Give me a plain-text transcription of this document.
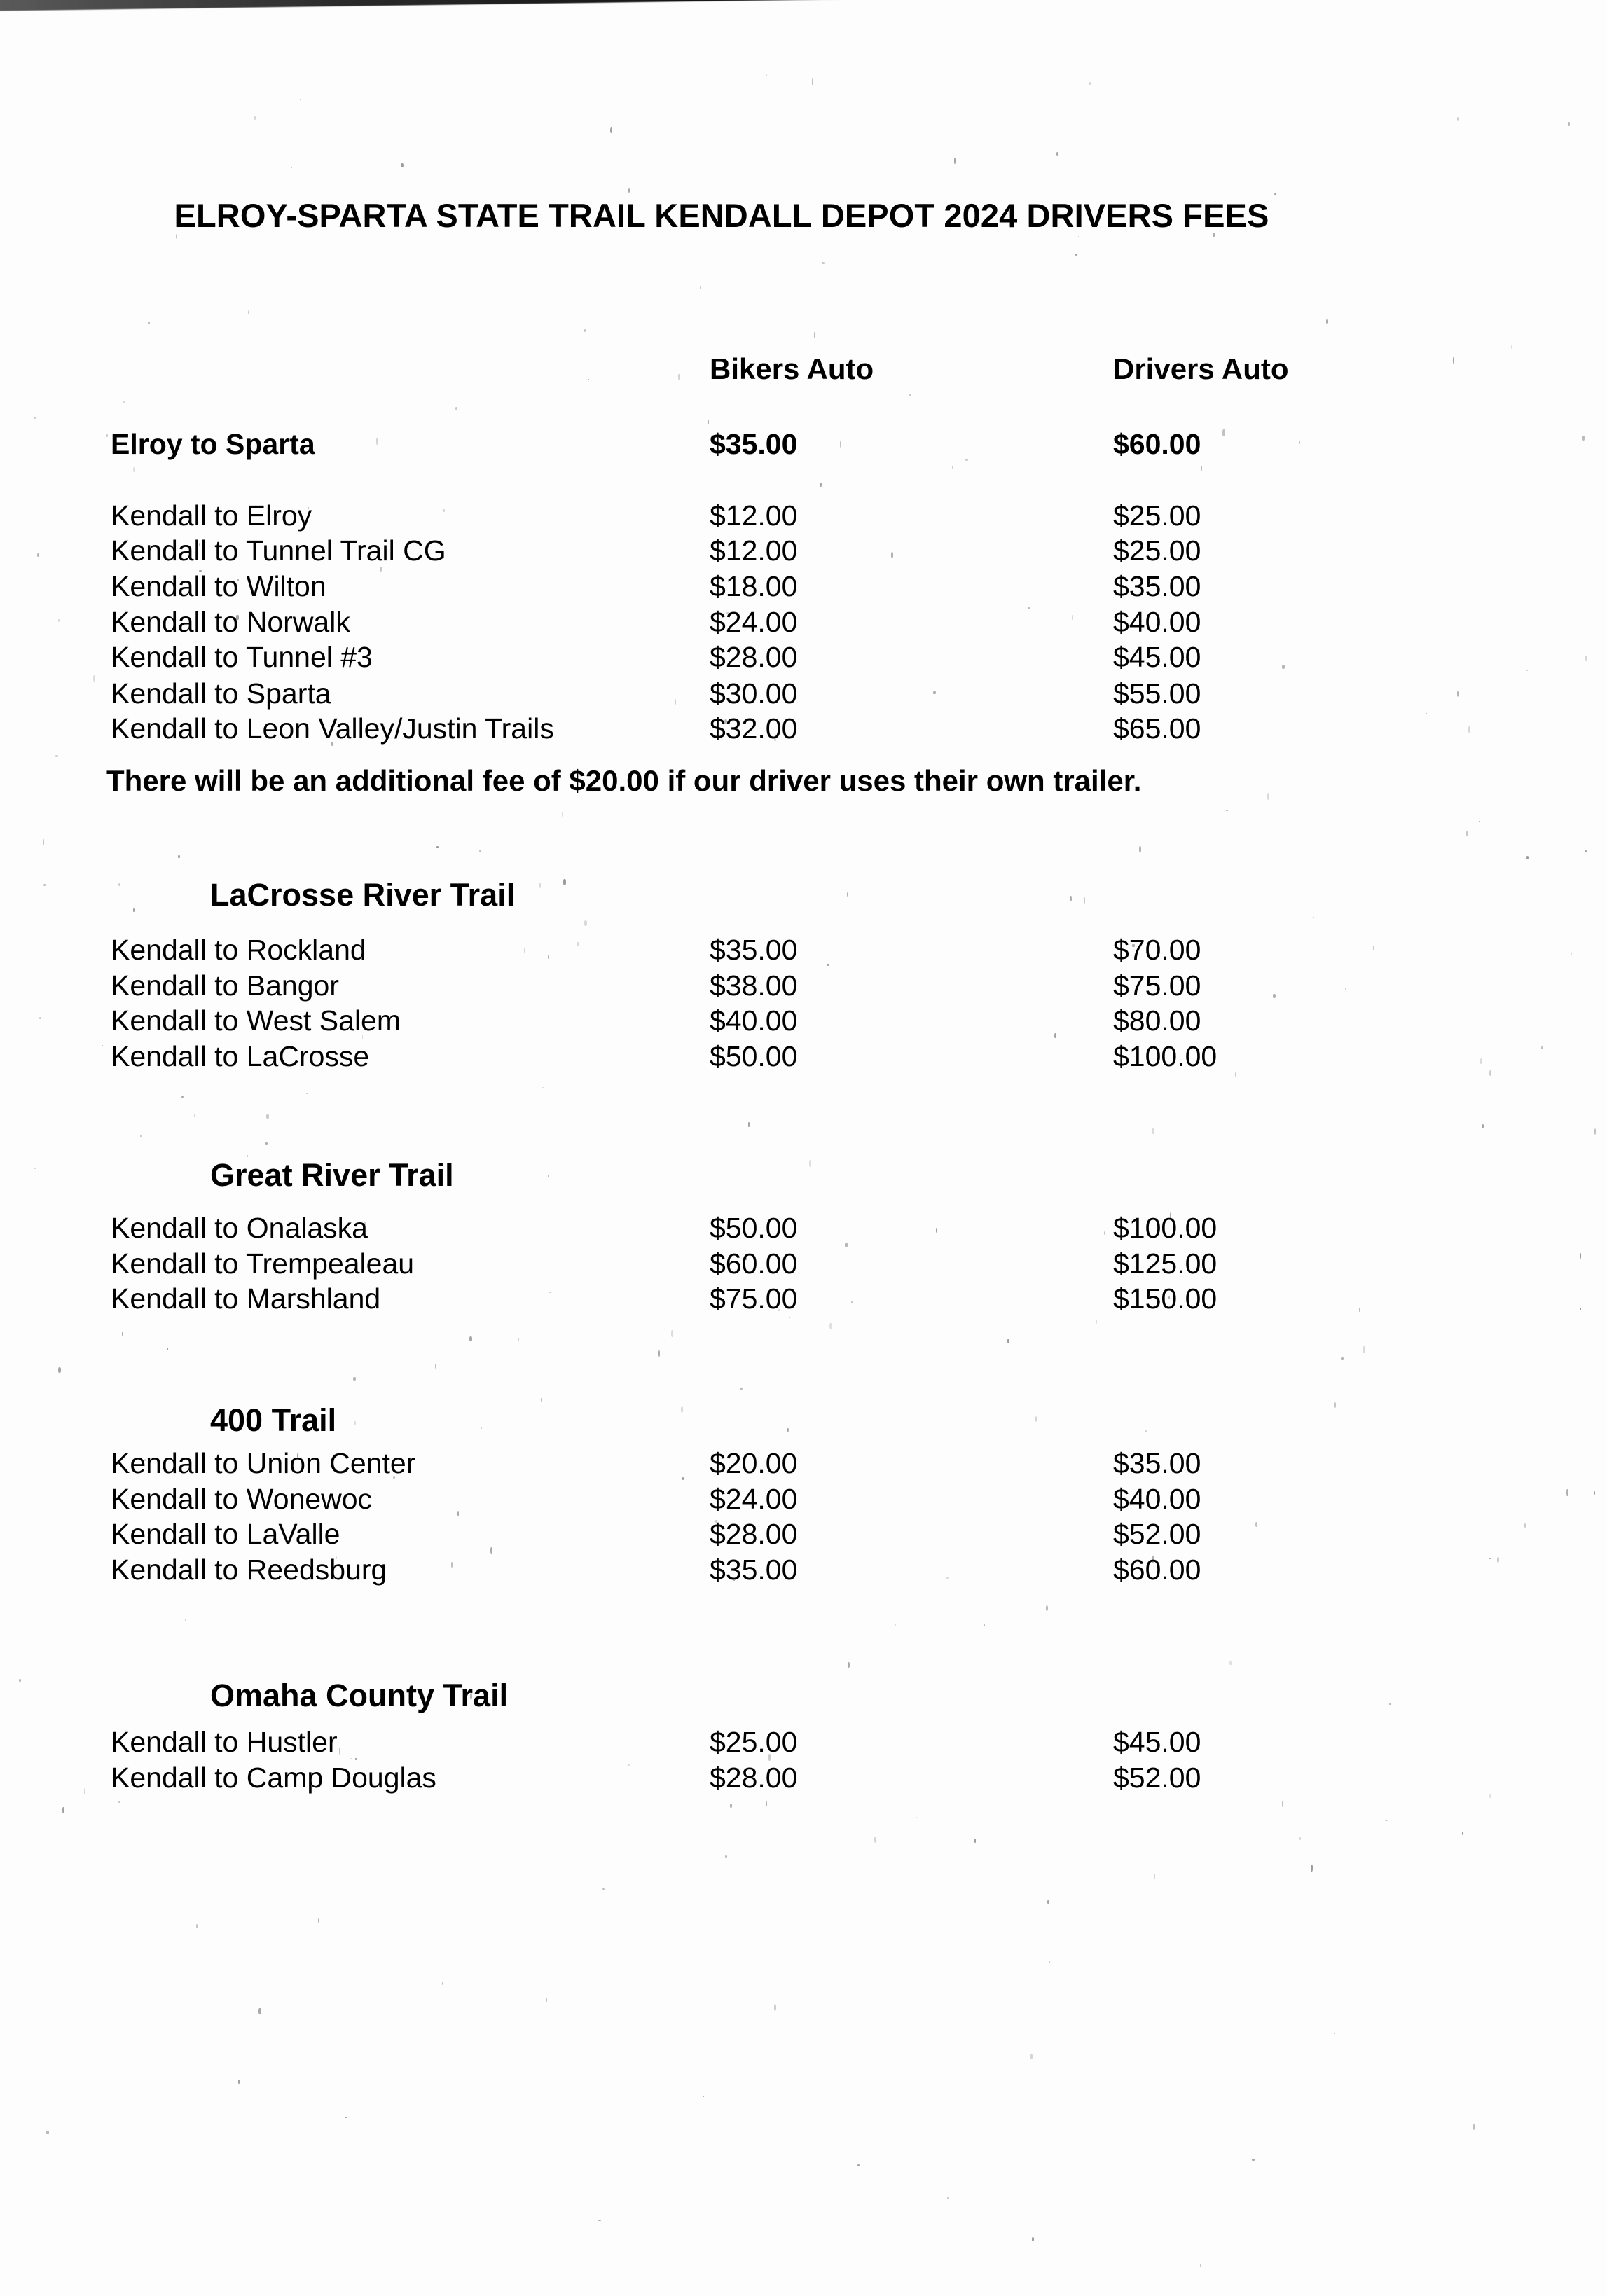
ELROY-SPARTA STATE TRAIL KENDALL DEPOT 2024 DRIVERS FEES
Bikers Auto	Drivers Auto
Elroy to Sparta	$35.00	$60.00
Kendall to Elroy	$12.00	$25.00
Kendall to Tunnel Trail CG	$12.00	$25.00
Kendall to Wilton	$18.00	$35.00
Kendall to Norwalk	$24.00	$40.00
Kendall to Tunnel #3	$28.00	$45.00
Kendall to Sparta	$30.00	$55.00
Kendall to Leon Valley/Justin Trails	$32.00	$65.00
LaCrosse River Trail
Kendall to Rockland	$35.00	$70.00
Kendall to Bangor	$38.00	$75.00
Kendall to West Salem	$40.00	$80.00
Kendall to LaCrosse	$50.00	$100.00
Great River Trail
Kendall to Onalaska	$50.00	$100.00
Kendall to Trempealeau	$60.00	$125.00
Kendall to Marshland	$75.00	$150.00
400 Trail
Kendall to Union Center	$20.00	$35.00
Kendall to Wonewoc	$24.00	$40.00
Kendall to LaValle	$28.00	$52.00
Kendall to Reedsburg	$35.00	$60.00
Omaha County Trail
Kendall to Hustler	$25.00	$45.00
Kendall to Camp Douglas	$28.00	$52.00
There will be an additional fee of $20.00 if our driver uses their own trailer.
